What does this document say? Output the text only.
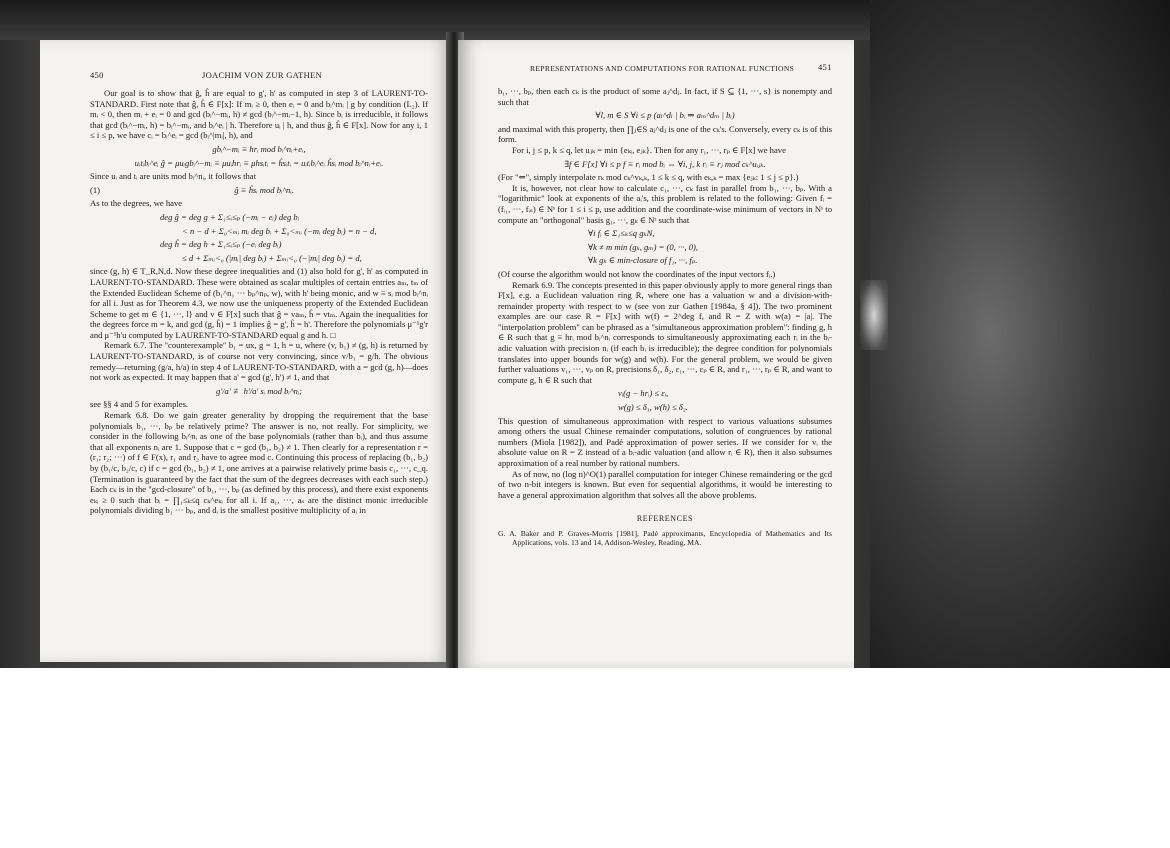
450	JOACHIM VON ZUR GATHEN

Our goal is to show that ĝ, ĥ are equal to g', h' as computed in step 3 of LAURENT-TO-STANDARD. First note that ĝ, ĥ ∈ F[x]: If mᵢ ≥ 0, then eᵢ = 0 and bᵢ^mᵢ | g by condition (L₂). If mᵢ < 0, then mᵢ + eᵢ = 0 and gcd (bᵢ^−mᵢ, h) ≠ gcd (bᵢ^−mᵢ−1, h). Since bᵢ is irreducible, it follows that gcd (bᵢ^−mᵢ, h) = bᵢ^−mᵢ, and bᵢ^eᵢ | h. Therefore uᵢ | h, and thus ĝ, ĥ ∈ F[x]. Now for any i, 1 ≤ i ≤ p, we have cᵢ = bᵢ^eᵢ = gcd (bᵢ^|mᵢ|, h), and

gbᵢ^−mᵢ ≡ hrᵢ mod bᵢ^nᵢ+eᵢ,
uᵢtᵢbᵢ^eᵢ ĝ = μuᵢgbᵢ^−mᵢ ≡ μuᵢhrᵢ ≡ μhsᵢtᵢ = ĥsᵢtᵢ = uᵢtᵢbᵢ^eᵢ ĥsᵢ mod bᵢ^nᵢ+eᵢ.

Since uᵢ and tᵢ are units mod bᵢ^nᵢ, it follows that

(1)	ĝ ≡ ĥsᵢ mod bᵢ^nᵢ.

As to the degrees, we have

deg ĝ = deg g + Σ₁≤ᵢ≤ₚ (−mᵢ − eᵢ) deg bᵢ
< n − d + Σ₀<ₘᵢ mᵢ deg bᵢ + Σ₀<ₘᵢ (−mᵢ deg bᵢ) = n − d,
deg ĥ = deg h + Σ₁≤ᵢ≤ₚ (−eᵢ deg bᵢ)
≤ d + Σₘᵢ<₀ (|mᵢ| deg bᵢ) + Σₘᵢ<₀ (−|mᵢ| deg bᵢ) = d,

since (g, h) ∈ T_R,N,d. Now these degree inequalities and (1) also hold for g', h' as computed in LAURENT-TO-STANDARD. These were obtained as scalar multiples of certain entries aₘ, tₘ of the Extended Euclidean Scheme of (b₁^n₁ ··· bₚ^nₚ, w), with h' being monic, and w ≡ sᵢ mod bᵢ^nᵢ for all i. Just as for Theorem 4.3, we now use the uniqueness property of the Extended Euclidean Scheme to get m ∈ {1, ···, l} and v ∈ F[x] such that ĝ = vaₘ, ĥ = vtₘ. Again the inequalities for the degrees force m = k, and gcd (g, ĥ) = 1 implies ĝ = g', ĥ = h'. Therefore the polynomials μ⁻¹g'r and μ⁻¹h'u computed by LAURENT-TO-STANDARD equal g and h. □

Remark 6.7. The "counterexample" b₁ = ux, g = 1, h = u, where (v, b₁) ≠ (g, h) is returned by LAURENT-TO-STANDARD, is of course not very convincing, since v/b₁ = g/h. The obvious remedy—returning (g/a, h/a) in step 4 of LAURENT-TO-STANDARD, with a = gcd (g, h)—does not work as expected. It may happen that a' = gcd (g', h') ≠ 1, and that

g'/a' ≢ h'/a' sᵢ mod bᵢ^nᵢ;

see §§ 4 and 5 for examples.

Remark 6.8. Do we gain greater generality by dropping the requirement that the base polynomials b₁, ···, bₚ be relatively prime? The answer is no, not really. For simplicity, we consider in the following bᵢ^nᵢ as one of the base polynomials (rather than bᵢ), and thus assume that all exponents nᵢ are 1. Suppose that c = gcd (b₁, b₂) ≠ 1. Then clearly for a representation r = (r₁; r₂; ···) of f ∈ F(x), r₁ and r₂ have to agree mod c. Continuing this process of replacing (b₁, b₂) by (b₁/c, b₂/c, c) if c = gcd (b₁, b₂) ≠ 1, one arrives at a pairwise relatively prime basis c₁, ···, c_q. (Termination is guaranteed by the fact that the sum of the degrees decreases with each such step.) Each cₖ is in the "gcd-closure" of b₁, ···, bₚ (as defined by this process), and there exist exponents eₖᵢ ≥ 0 such that bᵢ = ∏₁≤ₖ≤q cₖ^eₖᵢ for all i. If a₁, ···, aₛ are the distinct monic irreducible polynomials dividing b₁ ··· bₚ, and dᵢ is the smallest positive multiplicity of aᵢ in

REPRESENTATIONS AND COMPUTATIONS FOR RATIONAL FUNCTIONS	451

b₁, ···, bₚ, then each cₖ is the product of some aⱼ^dⱼ. In fact, if S ⊆ {1, ···, s} is nonempty and such that

∀l, m ∈ S ∀i ≤ p (aₗ^dₗ | bᵢ ⇒ aₘ^dₘ | bᵢ)

and maximal with this property, then ∏ⱼ∈S aⱼ^dⱼ is one of the cₖ's. Conversely, every cₖ is of this form.

For i, j ≤ p, k ≤ q, let uⱼₖ = min {eₖᵢ, eⱼₖ}. Then for any r₁, ···, rₚ ∈ F[x] we have

∃f ∈ F[x] ∀i ≤ p f ≡ rᵢ mod bᵢ ⇔ ∀i, j, k rᵢ ≡ rⱼ mod cₖ^uᵢⱼₖ.

(For "⇐", simply interpolate rₖ mod cₖ^vₖ,ₖ, 1 ≤ k ≤ q, with eₖ,ₖ = max {eⱼₖ: 1 ≤ j ≤ p}.)

It is, however, not clear how to calculate c₁, ···, cₖ fast in parallel from b₁, ···, bₚ. With a "logarithmic" look at exponents of the aᵢ's, this problem is related to the following: Given fᵢ = (fᵢ₁, ···, fᵢₛ) ∈ Nˢ for 1 ≤ i ≤ p, use addition and the coordinate-wise minimum of vectors in Nˢ to compute an "orthogonal" basis g₁, ···, gₖ ∈ Nˢ such that

∀i fᵢ ∈ Σ₁≤ₖ≤q gₖN,
∀k ≠ m min (gₖ, gₘ) = (0, ···, 0),
∀k gₖ ∈ min-closure of f₁, ···, fₚ.

(Of course the algorithm would not know the coordinates of the input vectors fᵢ.)

Remark 6.9. The concepts presented in this paper obviously apply to more general rings than F[x], e.g. a Euclidean valuation ring R, where one has a valuation w and a division-with-remainder property with respect to w (see von zur Gathen [1984a, § 4]). The two prominent examples are our case R = F[x] with w(f) = 2^deg f, and R = Z with w(a) = |a|. The "interpolation problem" can be phrased as a "simultaneous approximation problem": finding g, h ∈ R such that g ≡ hrᵢ mod bᵢ^nᵢ corresponds to simultaneously approximating each rᵢ in the bᵢ-adic valuation with precision nᵢ (if each bᵢ is irreducible); the degree condition for polynomials translates into upper bounds for w(g) and w(h). For the general problem, we would be given further valuations v₁, ···, vₚ on R, precisions δ₁, δ₂, ε₁, ···, εₚ ∈ R, and r₁, ···, rₚ ∈ R, and want to compute g, h ∈ R such that

vᵢ(g − hrᵢ) ≤ εᵢ,
w(g) ≤ δ₁, w(h) ≤ δ₂.

This question of simultaneous approximation with respect to various valuations subsumes among others the usual Chinese remainder computations, solution of congruences by rational numbers (Miola [1982]), and Padé approximation of power series. If we consider for vᵢ the absolute value on R = Z instead of a bᵢ-adic valuation (and allow rᵢ ∈ R), then it also subsumes approximation of a real number by rational numbers.

As of now, no (log n)^O(1) parallel computation for integer Chinese remaindering or the gcd of two n-bit integers is known. But even for sequential algorithms, it would be interesting to have a general approximation algorithm that solves all the above problems.

REFERENCES
G. A. Baker and P. Graves-Morris [1981], Padé approximants, Encyclopedia of Mathematics and Its Applications, vols. 13 and 14, Addison-Wesley, Reading, MA.
